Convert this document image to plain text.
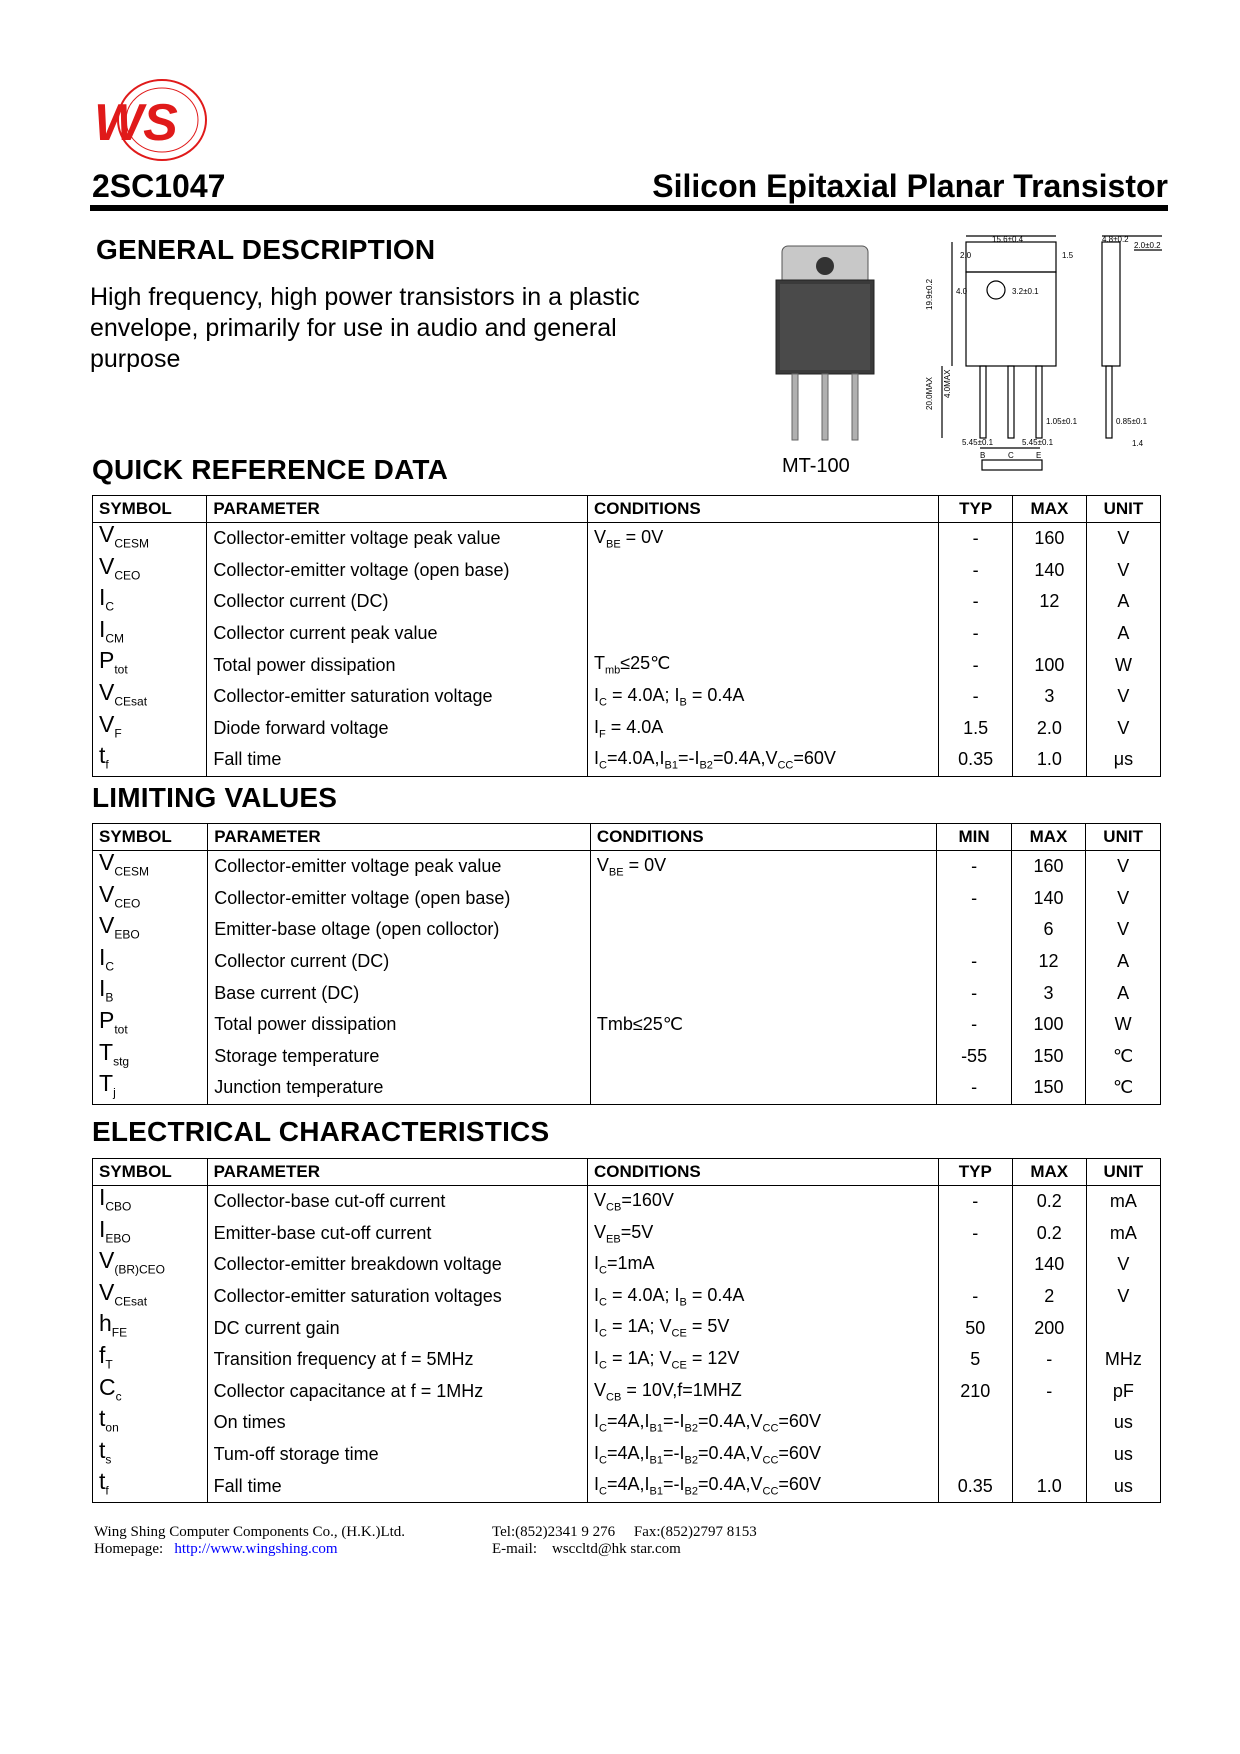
WS
2SC1047	Silicon Epitaxial Planar Transistor
GENERAL DESCRIPTION
High frequency, high power transistors in a plastic envelope, primarily for use in audio and general purpose
MT-100
15.6±0.4	4.8±0.2
2.0±0.2
19.9±0.2	4.0	3.2±0.1
20.0MAX 4.0MAX
1.05±0.1	0.85±0.1
5.45±0.1	5.45±0.1	1.4
2.0	1.5
B	C	E
QUICK REFERENCE DATA
SYMBOL	PARAMETER	CONDITIONS	TYP	MAX	UNIT
$V_{CESM}$	Collector-emitter voltage peak value	$V_{BE} = 0V$	-	160	V
$V_{CEO}$	Collector-emitter voltage (open base)		-	140	V
$I_C$	Collector current (DC)		-	12	A
$I_{CM}$	Collector current peak value		-		A
$P_{tot}$	Total power dissipation	$T_{mb}\le 25℃$	-	100	W
$V_{CEsat}$	Collector-emitter saturation voltage	$I_C = 4.0A$; $I_B = 0.4A$	-	3	V
$V_F$	Diode forward voltage	$I_F = 4.0A$	1.5	2.0	V
$t_f$	Fall time	$I_C=4.0A,I_{B1}=-I_{B2}=0.4A,V_{CC}=60V$	0.35	1.0	μs
LIMITING VALUES
SYMBOL	PARAMETER	CONDITIONS	MIN	MAX	UNIT
$V_{CESM}$	Collector-emitter voltage peak value	$V_{BE} = 0V$	-	160	V
$V_{CEO}$	Collector-emitter voltage (open base)		-	140	V
$V_{EBO}$	Emitter-base oltage (open colloctor)			6	V
$I_C$	Collector current (DC)		-	12	A
$I_B$	Base current (DC)		-	3	A
$P_{tot}$	Total power dissipation	Tmb≤25℃	-	100	W
$T_{stg}$	Storage temperature		-55	150	℃
$T_j$	Junction temperature		-	150	℃
ELECTRICAL CHARACTERISTICS
SYMBOL	PARAMETER	CONDITIONS	TYP	MAX	UNIT
$I_{CBO}$	Collector-base cut-off current	$V_{CB}=160V$	-	0.2	mA
$I_{EBO}$	Emitter-base cut-off current	$V_{EB}=5V$	-	0.2	mA
$V_{(BR)CEO}$	Collector-emitter breakdown voltage	$I_C=1mA$		140	V
$V_{CEsat}$	Collector-emitter saturation voltages	$I_C = 4.0A$; $I_B = 0.4A$	-	2	V
$h_{FE}$	DC current gain	$I_C = 1A$; $V_{CE} = 5V$	50	200	
$f_T$	Transition frequency at f = 5MHz	$I_C = 1A$; $V_{CE} = 12V$	5	-	MHz
$C_c$	Collector capacitance at f = 1MHz	$V_{CB} = 10V,f=1MHZ$	210	-	pF
$t_{on}$	On times	$I_C=4A,I_{B1}=-I_{B2}=0.4A,V_{CC}=60V$			us
$t_s$	Tum-off storage time	$I_C=4A,I_{B1}=-I_{B2}=0.4A,V_{CC}=60V$			us
$t_f$	Fall time	$I_C=4A,I_{B1}=-I_{B2}=0.4A,V_{CC}=60V$	0.35	1.0	us
Wing Shing Computer Components Co., (H.K.)Ltd.
Homepage: http://www.wingshing.com
Tel:(852)2341 9 276 Fax:(852)2797 8153
E-mail: wsccltd@hk star.com
